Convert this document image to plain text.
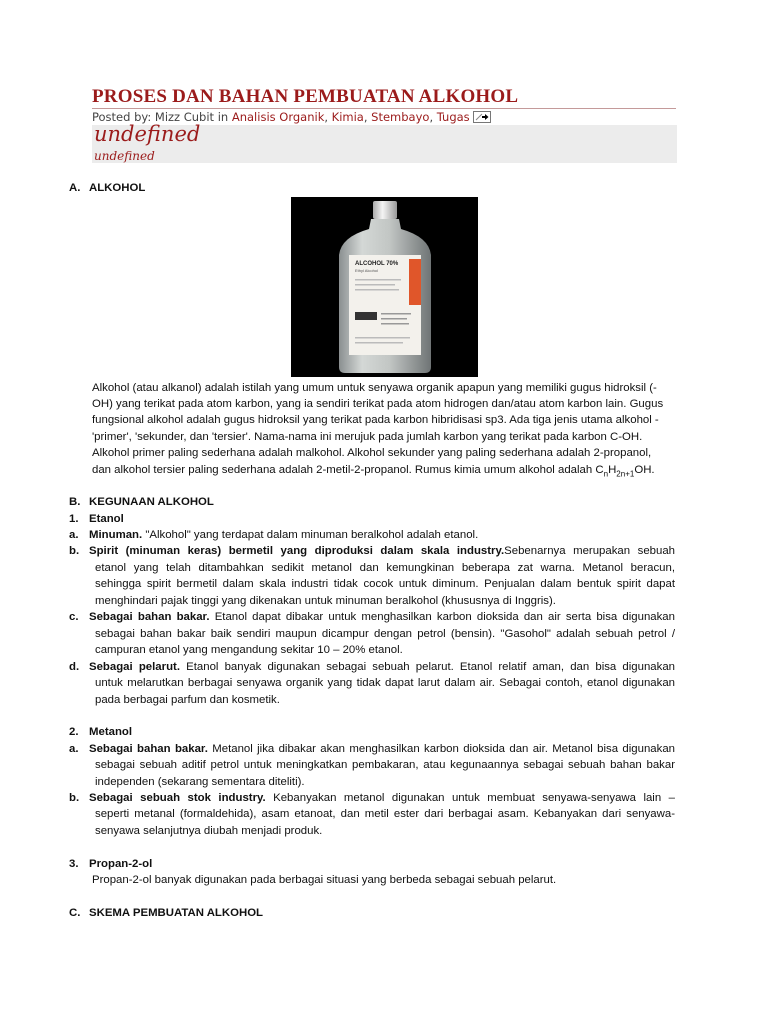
PROSES DAN BAHAN PEMBUATAN ALKOHOL
Posted by: Mizz Cubit in Analisis Organik, Kimia, Stembayo, Tugas
undefined
undefined
A. ALKOHOL
ALCOHOL 70%
Ethyl Alcohol
Alkohol (atau alkanol) adalah istilah yang umum untuk senyawa organik apapun yang memiliki gugus hidroksil (-
OH) yang terikat pada atom karbon, yang ia sendiri terikat pada atom hidrogen dan/atau atom karbon lain. Gugus
fungsional alkohol adalah gugus hidroksil yang terikat pada karbon hibridisasi sp3. Ada tiga jenis utama alkohol -
'primer', 'sekunder, dan 'tersier'. Nama-nama ini merujuk pada jumlah karbon yang terikat pada karbon C-OH.
Alkohol primer paling sederhana adalah malkohol. Alkohol sekunder yang paling sederhana adalah 2-propanol,
dan alkohol tersier paling sederhana adalah 2-metil-2-propanol. Rumus kimia umum alkohol adalah $C_nH_{2n+1}OH$.
B. KEGUNAAN ALKOHOL
1. Etanol
a. Minuman. "Alkohol" yang terdapat dalam minuman beralkohol adalah etanol.
b. Spirit (minuman keras) bermetil yang diproduksi dalam skala industry.Sebenarnya merupakan sebuah
etanol yang telah ditambahkan sedikit metanol dan kemungkinan beberapa zat warna. Metanol beracun,
sehingga spirit bermetil dalam skala industri tidak cocok untuk diminum. Penjualan dalam bentuk spirit dapat
menghindari pajak tinggi yang dikenakan untuk minuman beralkohol (khususnya di Inggris).
c. Sebagai bahan bakar. Etanol dapat dibakar untuk menghasilkan karbon dioksida dan air serta bisa digunakan
sebagai bahan bakar baik sendiri maupun dicampur dengan petrol (bensin). "Gasohol" adalah sebuah petrol /
campuran etanol yang mengandung sekitar 10 – 20% etanol.
d. Sebagai pelarut. Etanol banyak digunakan sebagai sebuah pelarut. Etanol relatif aman, dan bisa digunakan
untuk melarutkan berbagai senyawa organik yang tidak dapat larut dalam air. Sebagai contoh, etanol digunakan
pada berbagai parfum dan kosmetik.
2. Metanol
a. Sebagai bahan bakar. Metanol jika dibakar akan menghasilkan karbon dioksida dan air. Metanol bisa digunakan
sebagai sebuah aditif petrol untuk meningkatkan pembakaran, atau kegunaannya sebagai sebuah bahan bakar
independen (sekarang sementara diteliti).
b. Sebagai sebuah stok industry. Kebanyakan metanol digunakan untuk membuat senyawa-senyawa lain –
seperti metanal (formaldehida), asam etanoat, dan metil ester dari berbagai asam. Kebanyakan dari senyawa-
senyawa selanjutnya diubah menjadi produk.
3. Propan-2-ol
Propan-2-ol banyak digunakan pada berbagai situasi yang berbeda sebagai sebuah pelarut.
C. SKEMA PEMBUATAN ALKOHOL
